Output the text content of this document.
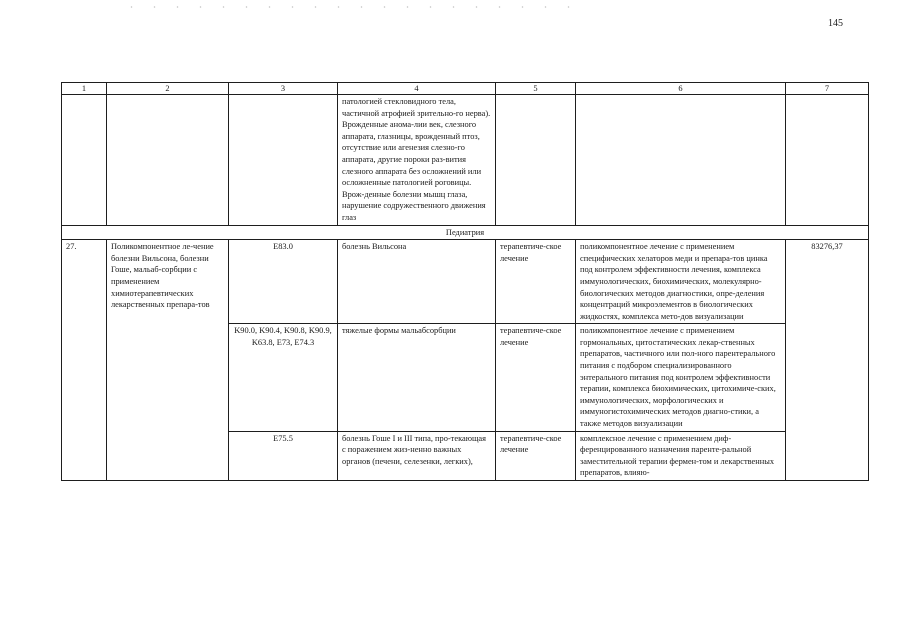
145
1	2	3	4	5	6	7
			патологией стекловидного тела, частичной атрофией зрительно-го нерва). Врожденные анома-лии век, слезного аппарата, глазницы, врожденный птоз, отсутствие или агенезия слезно-го аппарата, другие пороки раз-вития слезного аппарата без осложнений или осложненные патологией роговицы. Врож-денные болезни мышц глаза, нарушение содружественного движения глаз			
Педиатрия						
27.	Поликомпонентное ле-чение болезни Вильсона, болезни Гоше, мальаб-сорбции с применением химиотерапевтических лекарственных препара-тов	E83.0	болезнь Вильсона	терапевтиче-ское лечение	поликомпонентное лечение с применением специфических хелаторов меди и препара-тов цинка под контролем эффективности лечения, комплекса иммунологических, биохимических, молекулярно-биологических методов диагностики, опре-деления концентраций микроэлементов в биологических жидкостях, комплекса мето-дов визуализации	83276,37
		K90.0, K90.4, K90.8, K90.9, K63.8, E73, E74.3	тяжелые формы мальабсорбции	терапевтиче-ское лечение	поликомпонентное лечение с применением гормональных, цитостатических лекар-ственных препаратов, частичного или пол-ного парентерального питания с подбором специализированного энтерального питания под контролем эффективности терапии, комплекса биохимических, цитохимиче-ских, иммунологических, морфологических и иммуногистохимических методов диагно-стики, а также методов визуализации	
		E75.5	болезнь Гоше I и III типа, про-текающая с поражением жиз-ненно важных органов (печени, селезенки, легких),	терапевтиче-ское лечение	комплексное лечение с применением диф-ференцированного назначения паренте-ральной заместительной терапии фермен-том и лекарственных препаратов, влияю-	
